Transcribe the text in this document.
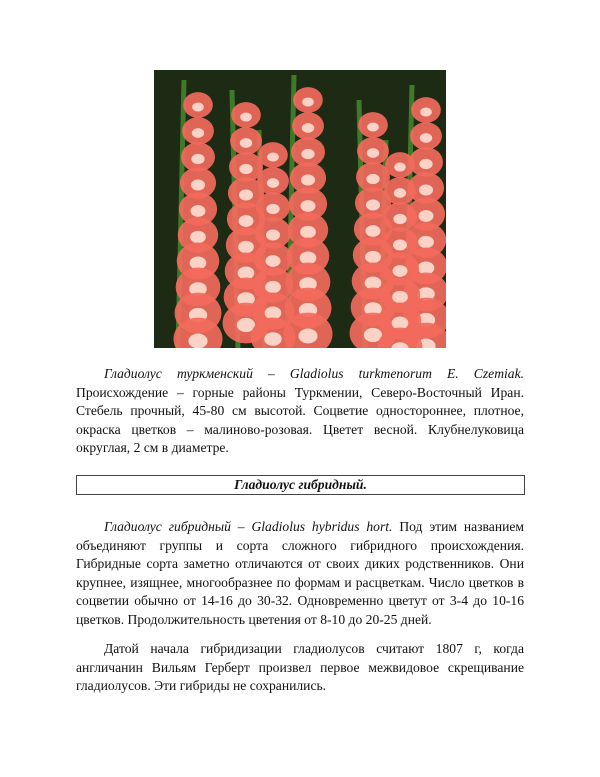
Гладиолус туркменский – Gladiolus turkmenorum E. Czemiak. Происхождение – горные районы Туркмении, Северо-Восточный Иран. Стебель прочный, 45-80 см высотой. Соцветие одностороннее, плотное, окраска цветков – малиново-розовая. Цветет весной. Клубнелуковица округлая, 2 см в диаметре.

Гладиолус гибридный.

Гладиолус гибридный – Gladiolus hybridus hort. Под этим названием объединяют группы и сорта сложного гибридного происхождения. Гибридные сорта заметно отличаются от своих диких родственников. Они крупнее, изящнее, многообразнее по формам и расцветкам. Число цветков в соцветии обычно от 14-16 до 30-32. Одновременно цветут от 3-4 до 10-16 цветков. Продолжительность цветения от 8-10 до 20-25 дней.

Датой начала гибридизации гладиолусов считают 1807 г, когда англичанин Вильям Герберт произвел первое межвидовое скрещивание гладиолусов. Эти гибриды не сохранились.
